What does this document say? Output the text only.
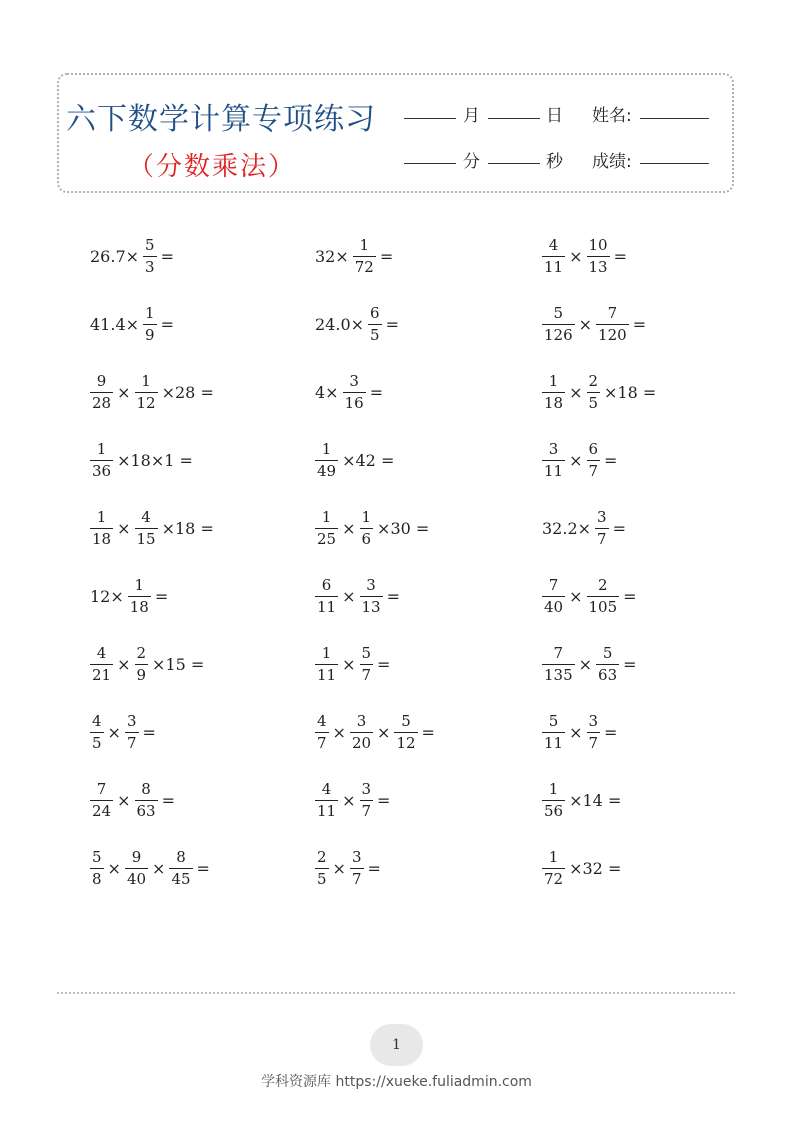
六下数学计算专项练习
（分数乘法）
月	日 姓名:
分	秒 成绩:
$26.7\times \frac{5}{3}$ =	$32\times \frac{1}{72}$ =	$\frac{4}{11} \times \frac{10}{13}$ =
$41.4\times \frac{1}{9}$ =	$24.0\times \frac{6}{5}$ =	$\frac{5}{126} \times \frac{7}{120}$ =
$\frac{9}{28} \times \frac{1}{12} \times 28$ =	$4\times \frac{3}{16}$ =	$\frac{1}{18} \times \frac{2}{5} \times 18$ =
$\frac{1}{36} \times 18\times 1$ =	$\frac{1}{49} \times 42$ =	$\frac{3}{11} \times \frac{6}{7}$ =
$\frac{1}{18} \times \frac{4}{15} \times 18$ =	$\frac{1}{25} \times \frac{1}{6} \times 30$ =	$32.2\times \frac{3}{7}$ =
$12\times \frac{1}{18}$ =	$\frac{6}{11} \times \frac{3}{13}$ =	$\frac{7}{40} \times \frac{2}{105}$ =
$\frac{4}{21} \times \frac{2}{9} \times 15$ =	$\frac{1}{11} \times \frac{5}{7}$ =	$\frac{7}{135} \times \frac{5}{63}$ =
$\frac{4}{5} \times \frac{3}{7}$ =	$\frac{4}{7} \times \frac{3}{20} \times \frac{5}{12}$ =	$\frac{5}{11} \times \frac{3}{7}$ =
$\frac{7}{24} \times \frac{8}{63}$ =	$\frac{4}{11} \times \frac{3}{7}$ =	$\frac{1}{56} \times 14$ =
$\frac{5}{8} \times \frac{9}{40} \times \frac{8}{45}$ =	$\frac{2}{5} \times \frac{3}{7}$ =	$\frac{1}{72} \times 32$ =
1
学科资源库 https://xueke.fuliadmin.com
